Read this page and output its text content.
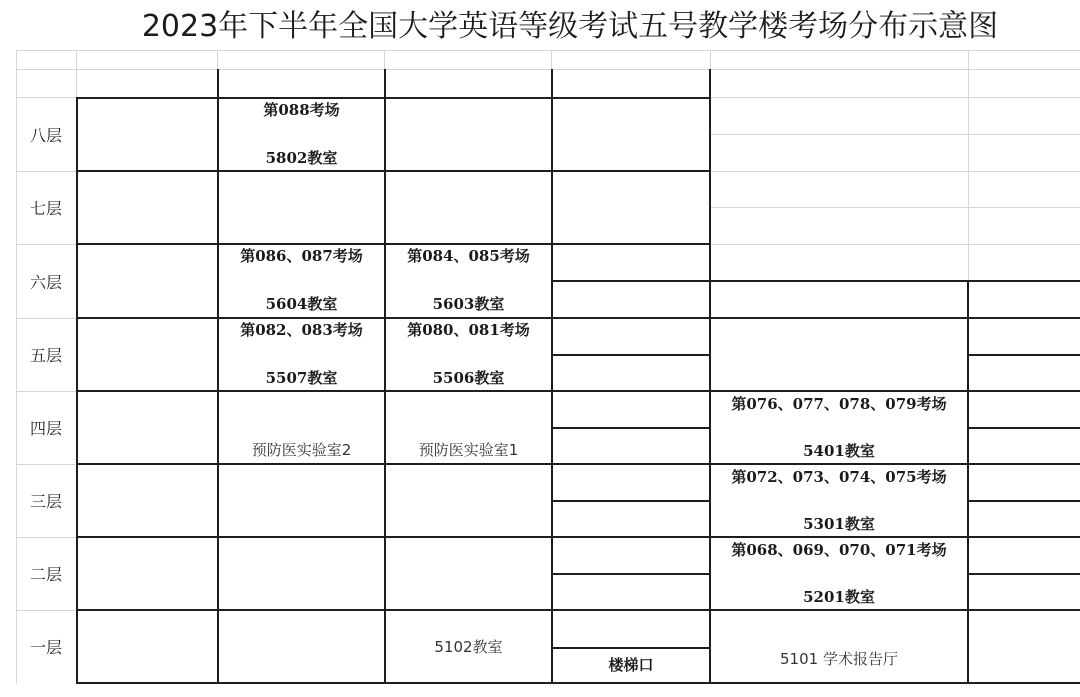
2023年下半年全国大学英语等级考试五号教学楼考场分布示意图
八层
七层
六层
五层
四层
三层
二层
一层
第088考场
5802教室
第086、087考场
5604教室
第084、085考场
5603教室
第082、083考场
5507教室
第080、081考场
5506教室
预防医实验室2	预防医实验室1
第076、077、078、079考场
5401教室
第072、073、074、075考场
5301教室
第068、069、070、071考场
5201教室
5102教室
楼梯口	5101 学术报告厅
